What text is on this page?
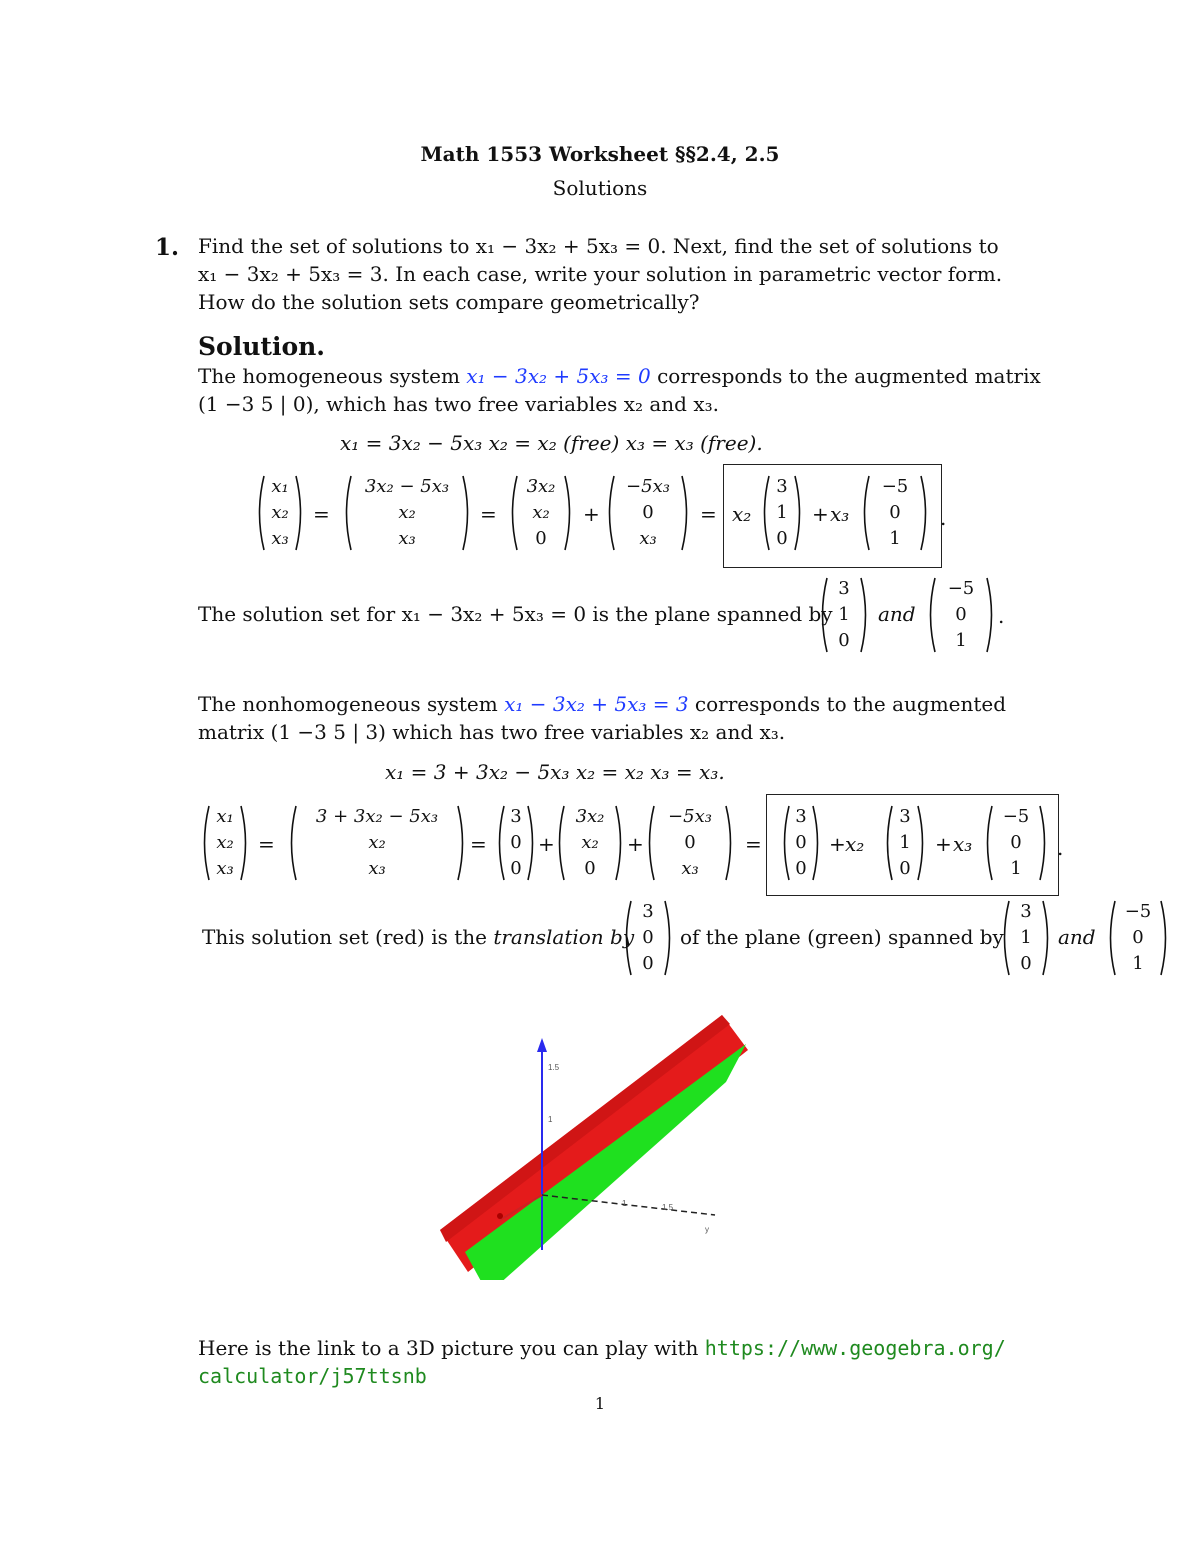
Math 1553 Worksheet §§2.4, 2.5
Solutions
1. Find the set of solutions to x₁ − 3x₂ + 5x₃ = 0. Next, find the set of solutions to
x₁ − 3x₂ + 5x₃ = 3. In each case, write your solution in parametric vector form.
How do the solution sets compare geometrically?
Solution.
The homogeneous system x₁ − 3x₂ + 5x₃ = 0 corresponds to the augmented matrix
(1 −3 5 | 0), which has two free variables x₂ and x₃.
x₁ = 3x₂ − 5x₃ x₂ = x₂ (free) x₃ = x₃ (free).
x₁
x₂
x₃
=
3x₂ − 5x₃
x₂
x₃
=
3x₂
x₂
0
+
−5x₃
0
x₃
= x₂
3
1
0
+ x₃
−5
0
1
.
The solution set for x₁ − 3x₂ + 5x₃ = 0 is the plane spanned by
3
1
0
and
−5
0
1
.
The nonhomogeneous system x₁ − 3x₂ + 5x₃ = 3 corresponds to the augmented
matrix (1 −3 5 | 3) which has two free variables x₂ and x₃.
x₁ = 3 + 3x₂ − 5x₃ x₂ = x₂ x₃ = x₃.
x₁
x₂
x₃
=
3 + 3x₂ − 5x₃
x₂
x₃
=
3
0
0
+
3x₂
x₂
0
+
−5x₃
0
x₃
=
3
0
0
+ x₂
3
1
0
+ x₃
−5
0
1
.
This solution set (red) is the translation by
3
0
0
of the plane (green) spanned by
3
1
0
and
−5
0
1
1.5
1
1	1.5
y
Here is the link to a 3D picture you can play with https://www.geogebra.org/
calculator/j57ttsnb
1
